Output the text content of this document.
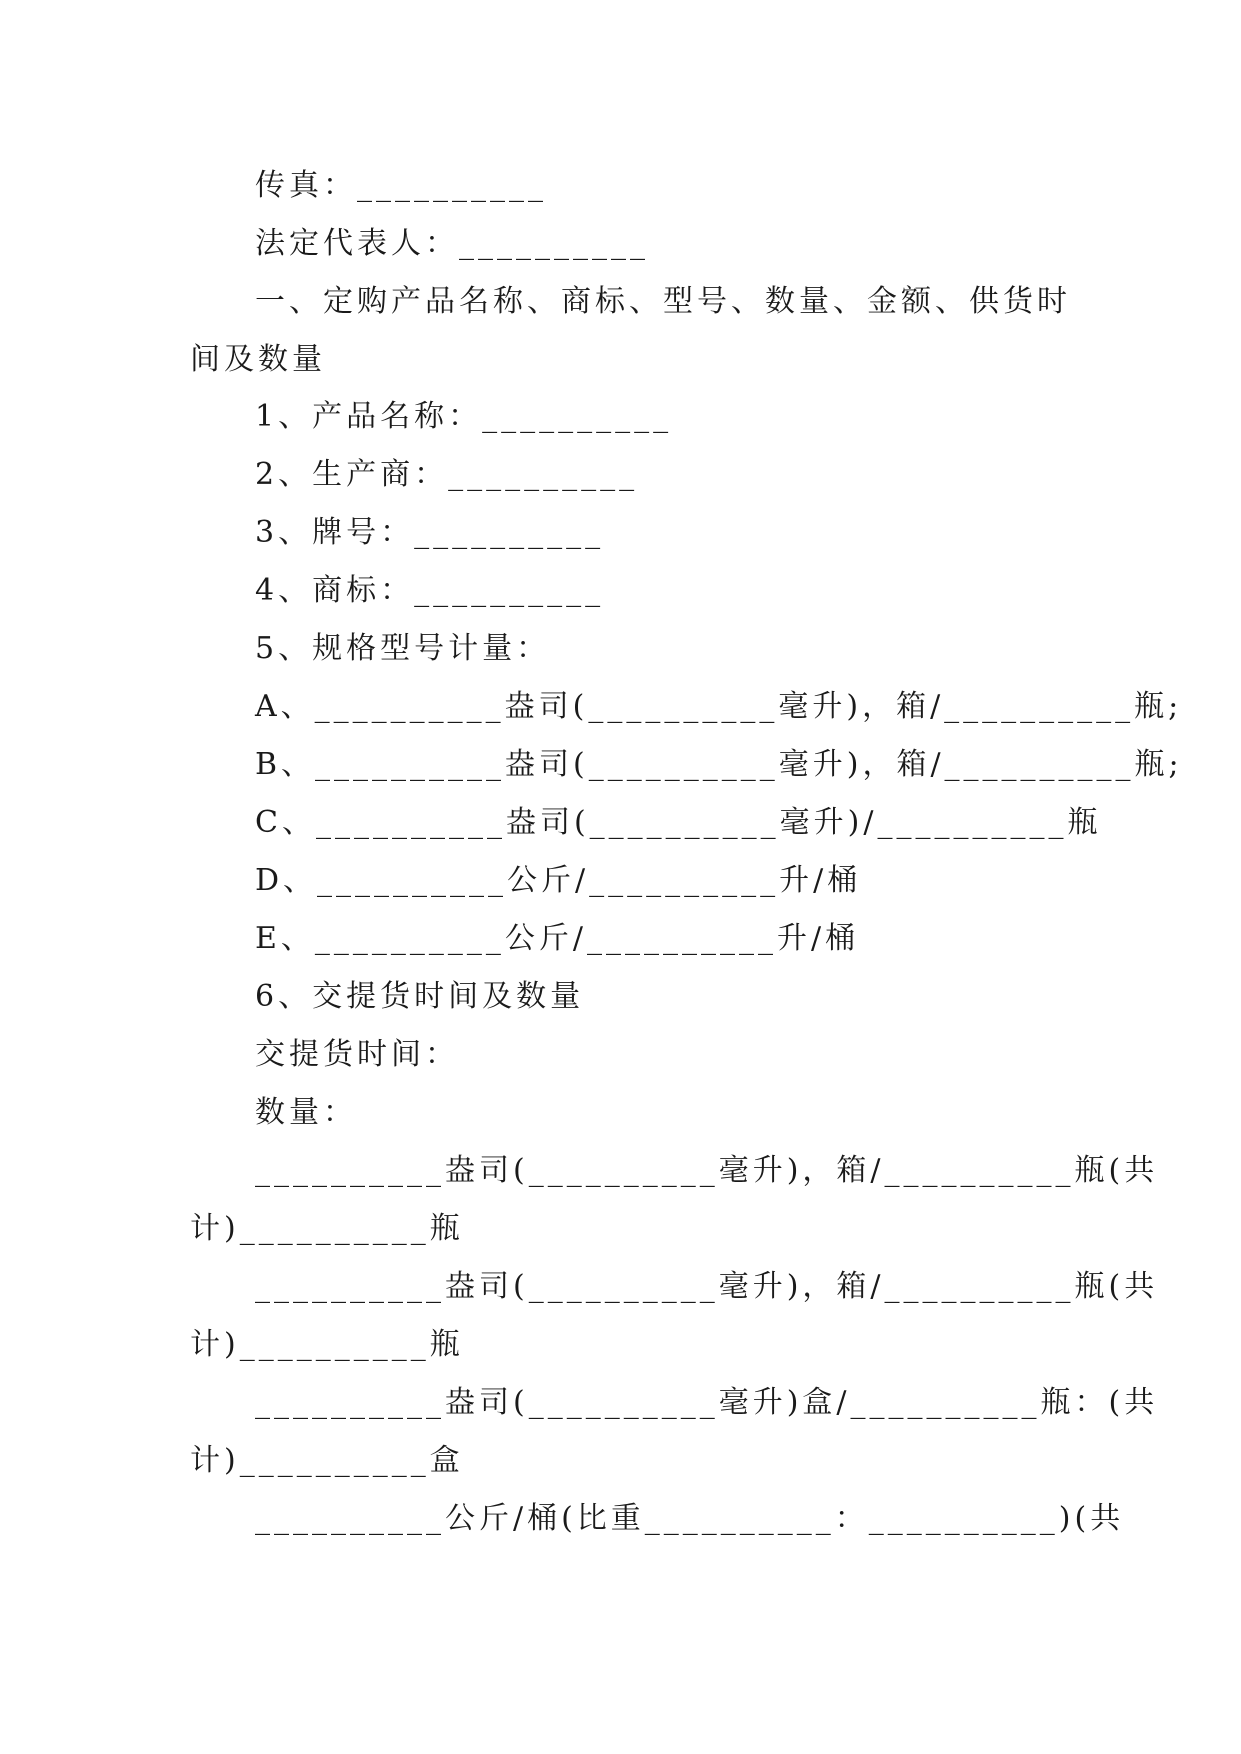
传真：__________
法定代表人：__________
一、定购产品名称、商标、型号、数量、金额、供货时
间及数量
1、产品名称：__________
2、生产商：__________
3、牌号：__________
4、商标：__________
5、规格型号计量：
A、__________盎司(__________毫升)，箱/__________瓶;
B、__________盎司(__________毫升)，箱/__________瓶;
C、__________盎司(__________毫升)/__________瓶
D、__________公斤/__________升/桶
E、__________公斤/__________升/桶
6、交提货时间及数量
交提货时间：
数量：
__________盎司(__________毫升)，箱/__________瓶(共
计)__________瓶
__________盎司(__________毫升)，箱/__________瓶(共
计)__________瓶
__________盎司(__________毫升)盒/__________瓶：(共
计)__________盒
__________公斤/桶(比重__________：__________)(共
